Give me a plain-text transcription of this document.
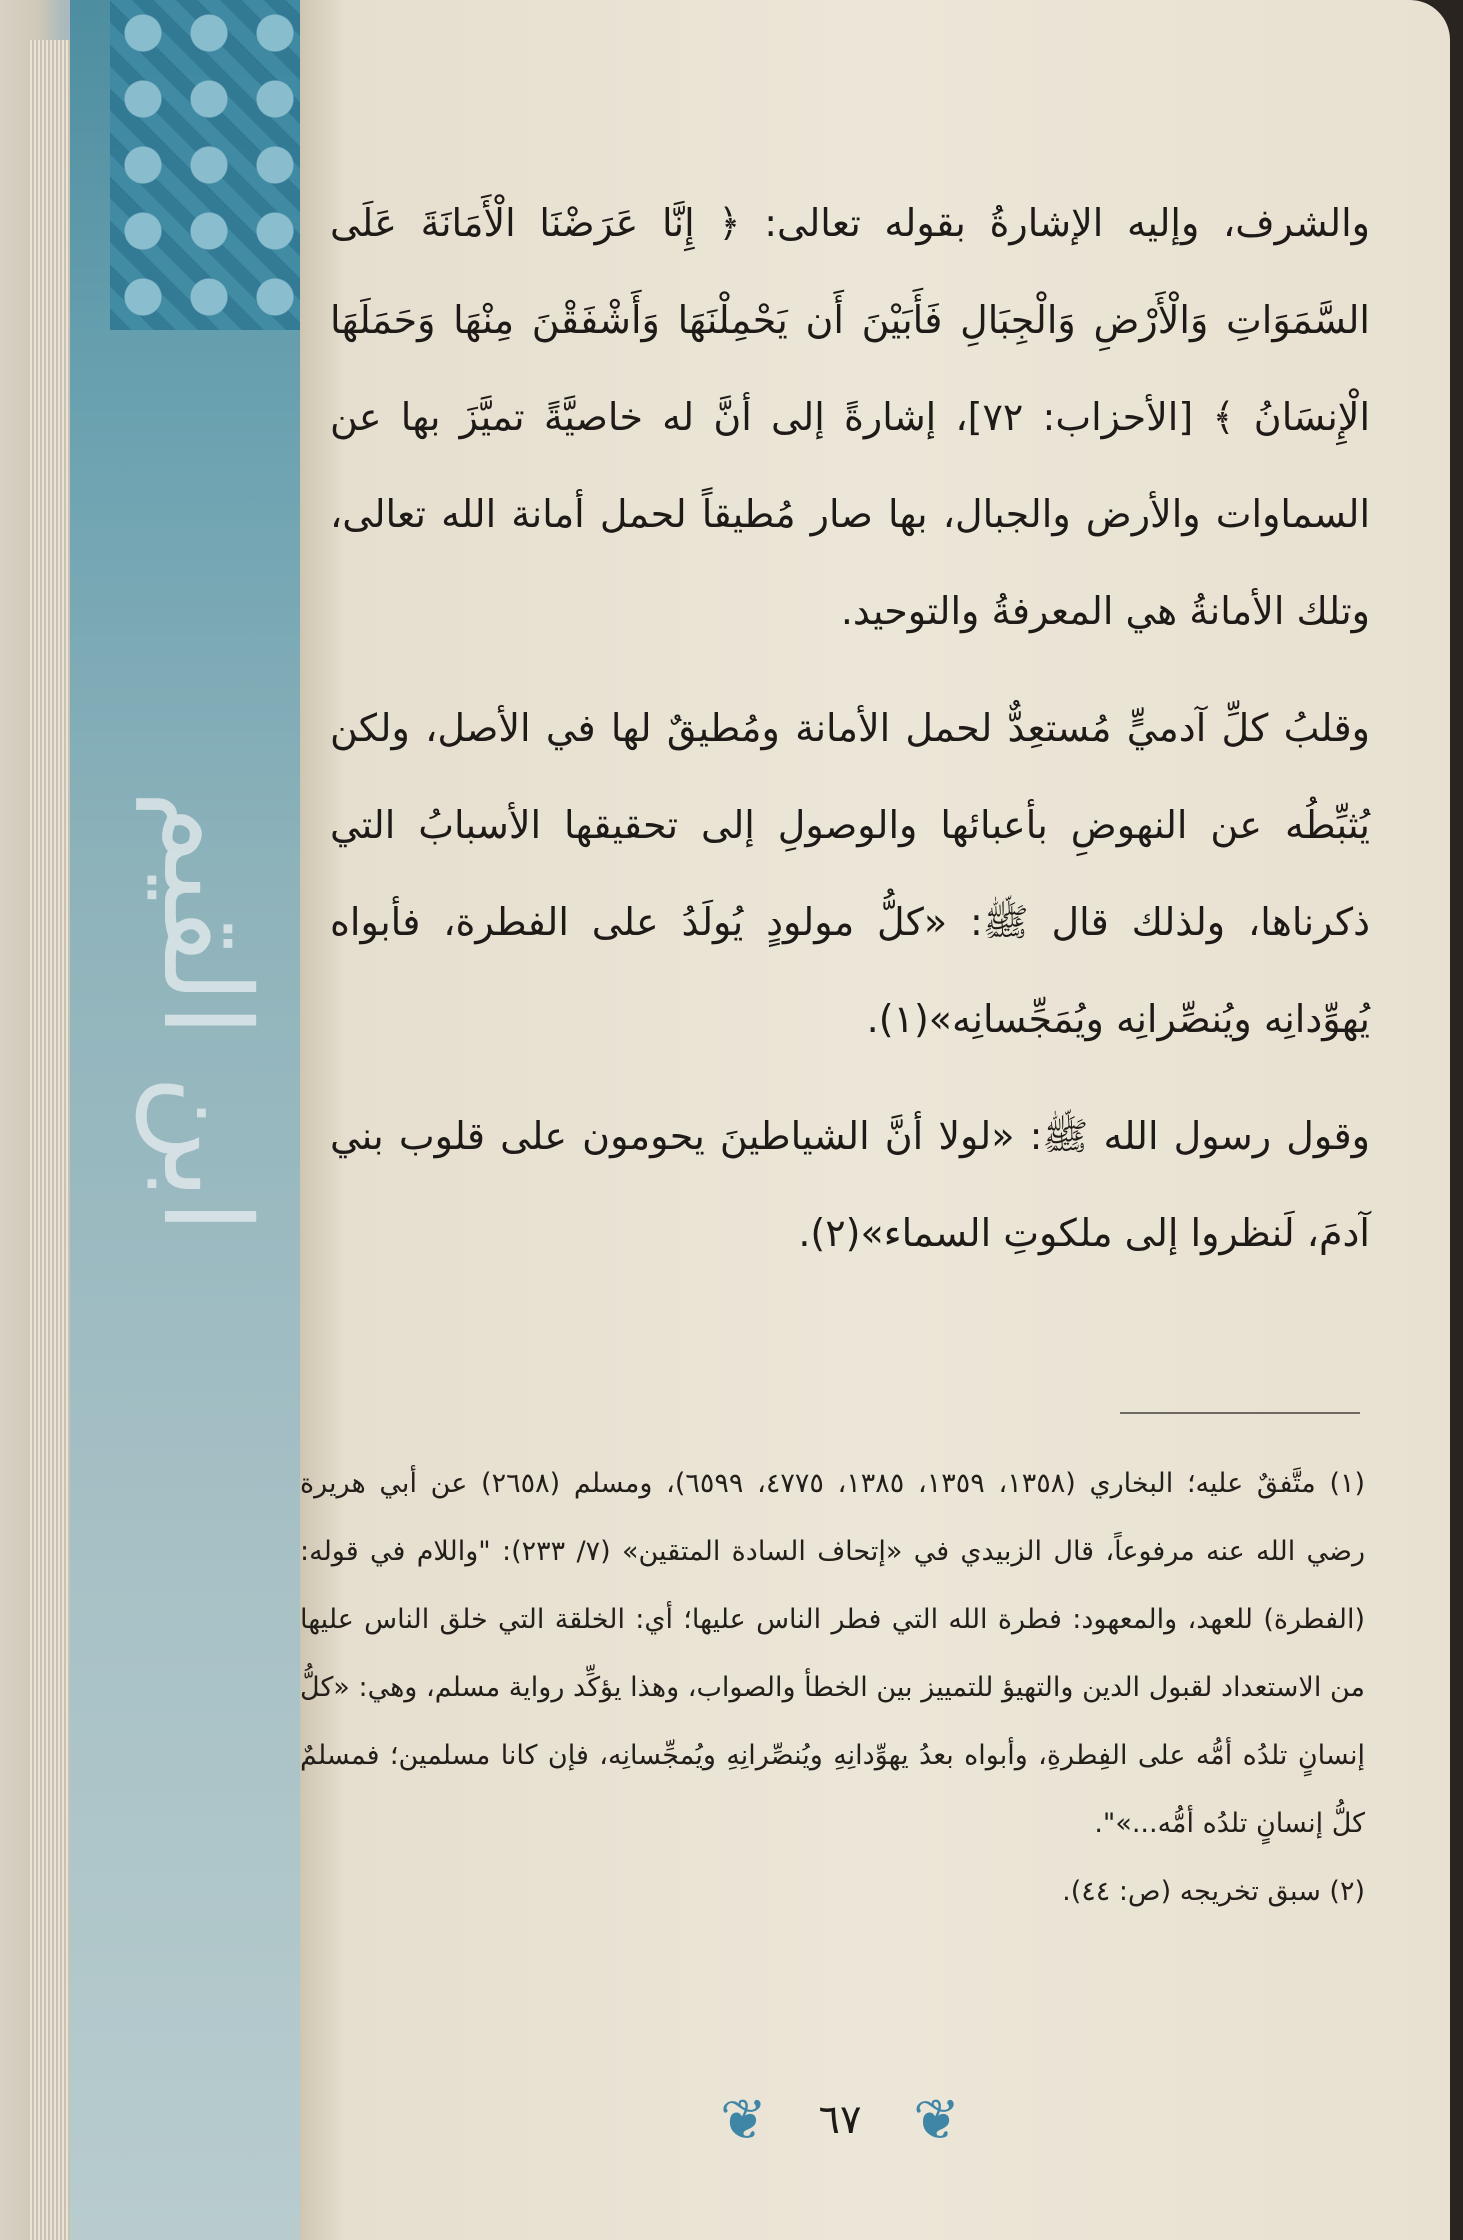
ابن القيم

والشرف، وإليه الإشارةُ بقوله تعالى: ﴿ إِنَّا عَرَضْنَا الْأَمَانَةَ عَلَى السَّمَوَاتِ وَالْأَرْضِ وَالْجِبَالِ فَأَبَيْنَ أَن يَحْمِلْنَهَا وَأَشْفَقْنَ مِنْهَا وَحَمَلَهَا الْإِنسَانُ ﴾ [الأحزاب: ٧٢]، إشارةً إلى أنَّ له خاصيَّةً تميَّزَ بها عن السماوات والأرض والجبال، بها صار مُطيقاً لحمل أمانة الله تعالى، وتلك الأمانةُ هي المعرفةُ والتوحيد.

وقلبُ كلِّ آدميٍّ مُستعِدٌّ لحمل الأمانة ومُطيقٌ لها في الأصل، ولكن يُثبِّطُه عن النهوضِ بأعبائها والوصولِ إلى تحقيقها الأسبابُ التي ذكرناها، ولذلك قال ﷺ: «كلُّ مولودٍ يُولَدُ على الفطرة، فأبواه يُهوِّدانِه ويُنصِّرانِه ويُمَجِّسانِه»(١).

وقول رسول الله ﷺ: «لولا أنَّ الشياطينَ يحومون على قلوب بني آدمَ، لَنظروا إلى ملكوتِ السماء»(٢).

(١) متَّفقٌ عليه؛ البخاري (١٣٥٨، ١٣٥٩، ١٣٨٥، ٤٧٧٥، ٦٥٩٩)، ومسلم (٢٦٥٨) عن أبي هريرة رضي الله عنه مرفوعاً، قال الزبيدي في «إتحاف السادة المتقين» (٧/ ٢٣٣): "واللام في قوله: (الفطرة) للعهد، والمعهود: فطرة الله التي فطر الناس عليها؛ أي: الخلقة التي خلق الناس عليها من الاستعداد لقبول الدين والتهيؤ للتمييز بين الخطأ والصواب، وهذا يؤكِّد رواية مسلم، وهي: «كلُّ إنسانٍ تلدُه أمُّه على الفِطرةِ، وأبواه بعدُ يهوِّدانِهِ ويُنصِّرانِهِ ويُمجِّسانِه، فإن كانا مسلمين؛ فمسلمٌ كلُّ إنسانٍ تلدُه أمُّه...»".

(٢) سبق تخريجه (ص: ٤٤).

❦ ٦٧ ❦
